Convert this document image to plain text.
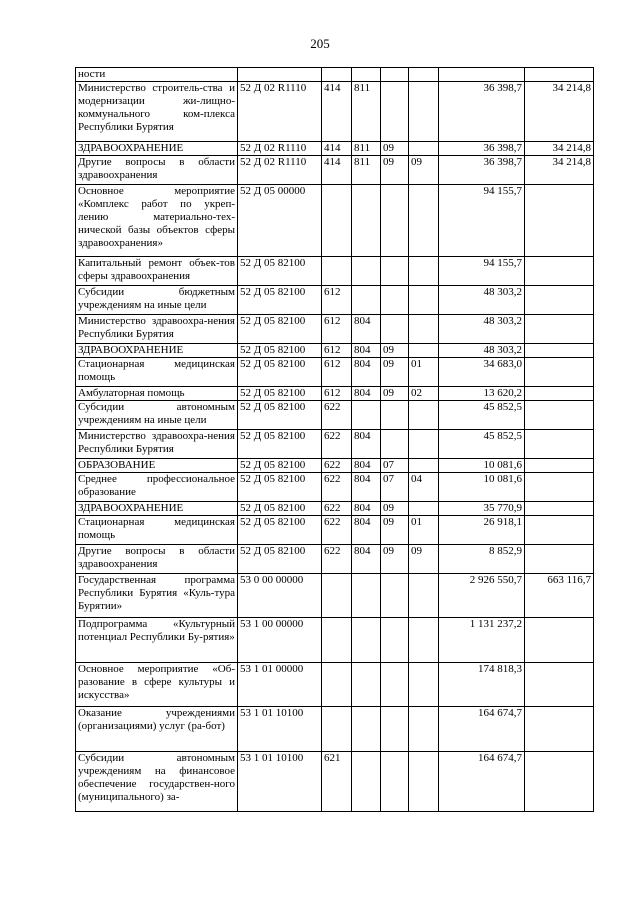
205
ности							
Министерство строитель-ства и модернизации жи-лищно-коммунального ком-плекса Республики Бурятия	52 Д 02 R1110	414	811			36 398,7	34 214,8
ЗДРАВООХРАНЕНИЕ	52 Д 02 R1110	414	811	09		36 398,7	34 214,8
Другие вопросы в области здравоохранения	52 Д 02 R1110	414	811	09	09	36 398,7	34 214,8
Основное мероприятие «Комплекс работ по укреп-лению материально-тех-нической базы объектов сферы здравоохранения»	52 Д 05 00000					94 155,7	
Капитальный ремонт объек-тов сферы здравоохранения	52 Д 05 82100					94 155,7	
Субсидии бюджетным учреждениям на иные цели	52 Д 05 82100	612				48 303,2	
Министерство здравоохра-нения Республики Бурятия	52 Д 05 82100	612	804			48 303,2	
ЗДРАВООХРАНЕНИЕ	52 Д 05 82100	612	804	09		48 303,2	
Стационарная медицинская помощь	52 Д 05 82100	612	804	09	01	34 683,0	
Амбулаторная помощь	52 Д 05 82100	612	804	09	02	13 620,2	
Субсидии автономным учреждениям на иные цели	52 Д 05 82100	622				45 852,5	
Министерство здравоохра-нения Республики Бурятия	52 Д 05 82100	622	804			45 852,5	
ОБРАЗОВАНИЕ	52 Д 05 82100	622	804	07		10 081,6	
Среднее профессиональное образование	52 Д 05 82100	622	804	07	04	10 081,6	
ЗДРАВООХРАНЕНИЕ	52 Д 05 82100	622	804	09		35 770,9	
Стационарная медицинская помощь	52 Д 05 82100	622	804	09	01	26 918,1	
Другие вопросы в области здравоохранения	52 Д 05 82100	622	804	09	09	8 852,9	
Государственная программа Республики Бурятия «Куль-тура Бурятии»	53 0 00 00000					2 926 550,7	663 116,7
Подпрограмма «Культурный потенциал Республики Бу-рятия»	53 1 00 00000					1 131 237,2	
Основное мероприятие «Об-разование в сфере культуры и искусства»	53 1 01 00000					174 818,3	
Оказание учреждениями (организациями) услуг (ра-бот)	53 1 01 10100					164 674,7	
Субсидии автономным учреждениям на финансовое обеспечение государствен-ного (муниципального) за-	53 1 01 10100	621				164 674,7	
